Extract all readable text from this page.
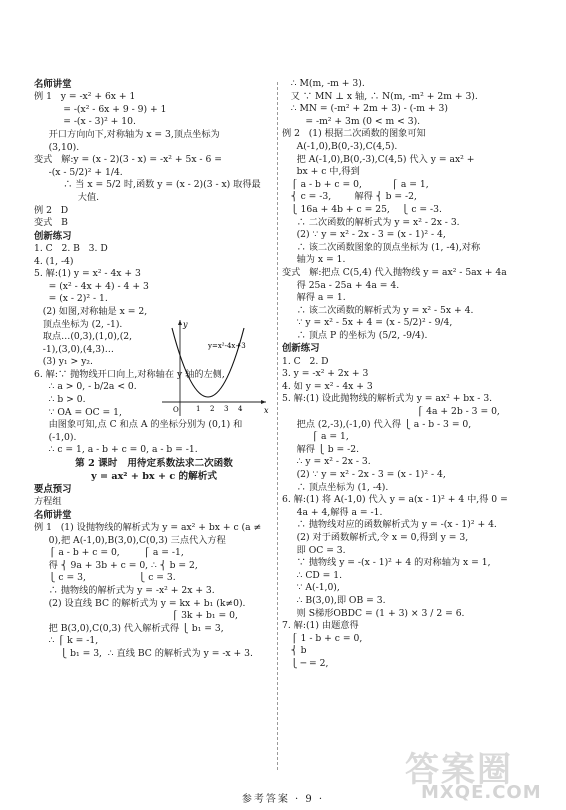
名师讲堂
例 1   y = -x² + 6x + 1
= -(x² - 6x + 9 - 9) + 1
= -(x - 3)² + 10.
开口方向向下,对称轴为 x = 3,顶点坐标为
(3,10).
变式   解:y = (x - 2)(3 - x) = -x² + 5x - 6 =
-(x - 5/2)² + 1/4.
∴ 当 x = 5/2 时,函数 y = (x - 2)(3 - x) 取得最
大值.
例 2   D
变式   B
创新练习
1. C   2. B   3. D
4. (1, -4)
5. 解:(1) y = x² - 4x + 3
= (x² - 4x + 4) - 4 + 3
= (x - 2)² - 1.
(2) 如图,对称轴是 x = 2,
顶点坐标为 (2, -1).
取点…(0,3),(1,0),(2,
-1),(3,0),(4,3)…
(3) y₁ > y₂.
6. 解:∵ 抛物线开口向上,对称轴在 y 轴的左侧,
∴ a > 0, - b/2a < 0.
∴ b > 0.
∵ OA = OC = 1,
由图象可知,点 C 和点 A 的坐标分别为 (0,1) 和
(-1,0).
∴ c = 1, a - b + c = 0, a - b = -1.
第 2 课时   用待定系数法求二次函数
y = ax² + bx + c 的解析式
要点预习
方程组
名师讲堂
例 1   (1) 设抛物线的解析式为 y = ax² + bx + c (a ≠
0),把 A(-1,0),B(3,0),C(0,3) 三点代入方程
⎧ a - b + c = 0,        ⎧ a = -1,
得 ⎨ 9a + 3b + c = 0, ∴ ⎨ b = 2,
⎩ c = 3,                  ⎩ c = 3.
∴ 抛物线的解析式为 y = -x² + 2x + 3.
(2) 设直线 BC 的解析式为 y = kx + b₁ (k≠0).
⎧ 3k + b₁ = 0,
把 B(3,0),C(0,3) 代入解析式得 ⎩ b₁ = 3,
∴ ⎧ k = -1,
⎩ b₁ = 3,  ∴ 直线 BC 的解析式为 y = -x + 3.
∴ M(m, -m + 3).
又 ∵ MN ⊥ x 轴, ∴ N(m, -m² + 2m + 3).
∴ MN = (-m² + 2m + 3) - (-m + 3)
= -m² + 3m (0 < m < 3).
例 2   (1) 根据二次函数的图象可知
A(-1,0),B(0,-3),C(4,5).
把 A(-1,0),B(0,-3),C(4,5) 代入 y = ax² +
bx + c 中,得到
⎧ a - b + c = 0,          ⎧ a = 1,
⎨ c = -3,        解得 ⎨ b = -2,
⎩ 16a + 4b + c = 25,    ⎩ c = -3.
∴ 二次函数的解析式为 y = x² - 2x - 3.
(2) ∵ y = x² - 2x - 3 = (x - 1)² - 4,
∴ 该二次函数图象的顶点坐标为 (1, -4),对称
轴为 x = 1.
变式   解:把点 C(5,4) 代入抛物线 y = ax² - 5ax + 4a
得 25a - 25a + 4a = 4.
解得 a = 1.
∴ 该二次函数的解析式为 y = x² - 5x + 4.
∵ y = x² - 5x + 4 = (x - 5/2)² - 9/4,
∴ 顶点 P 的坐标为 (5/2, -9/4).
创新练习
1. C   2. D
3. y = -x² + 2x + 3
4. 如 y = x² - 4x + 3
5. 解:(1) 设此抛物线的解析式为 y = ax² + bx - 3.
⎧ 4a + 2b - 3 = 0,
把点 (2,-3),(-1,0) 代入得 ⎩ a - b - 3 = 0,
⎧ a = 1,
解得 ⎩ b = -2.
∴ y = x² - 2x - 3.
(2) ∵ y = x² - 2x - 3 = (x - 1)² - 4,
∴ 顶点坐标为 (1, -4).
6. 解:(1) 将 A(-1,0) 代入 y = a(x - 1)² + 4 中,得 0 =
4a + 4,解得 a = -1.
∴ 抛物线对应的函数解析式为 y = -(x - 1)² + 4.
(2) 对于函数解析式,令 x = 0,得到 y = 3,
即 OC = 3.
∵ 抛物线 y = -(x - 1)² + 4 的对称轴为 x = 1,
∴ CD = 1.
∵ A(-1,0),
∴ B(3,0),即 OB = 3.
则 S梯形OBDC = (1 + 3) × 3 / 2 = 6.
7. 解:(1) 由题意得
⎧ 1 - b + c = 0,
⎨ b
⎩ ─ = 2,
x
y
O 1 2 3 4
y=x²-4x+3
参考答案 · 9 ·
答案圈
MXQE.COM
